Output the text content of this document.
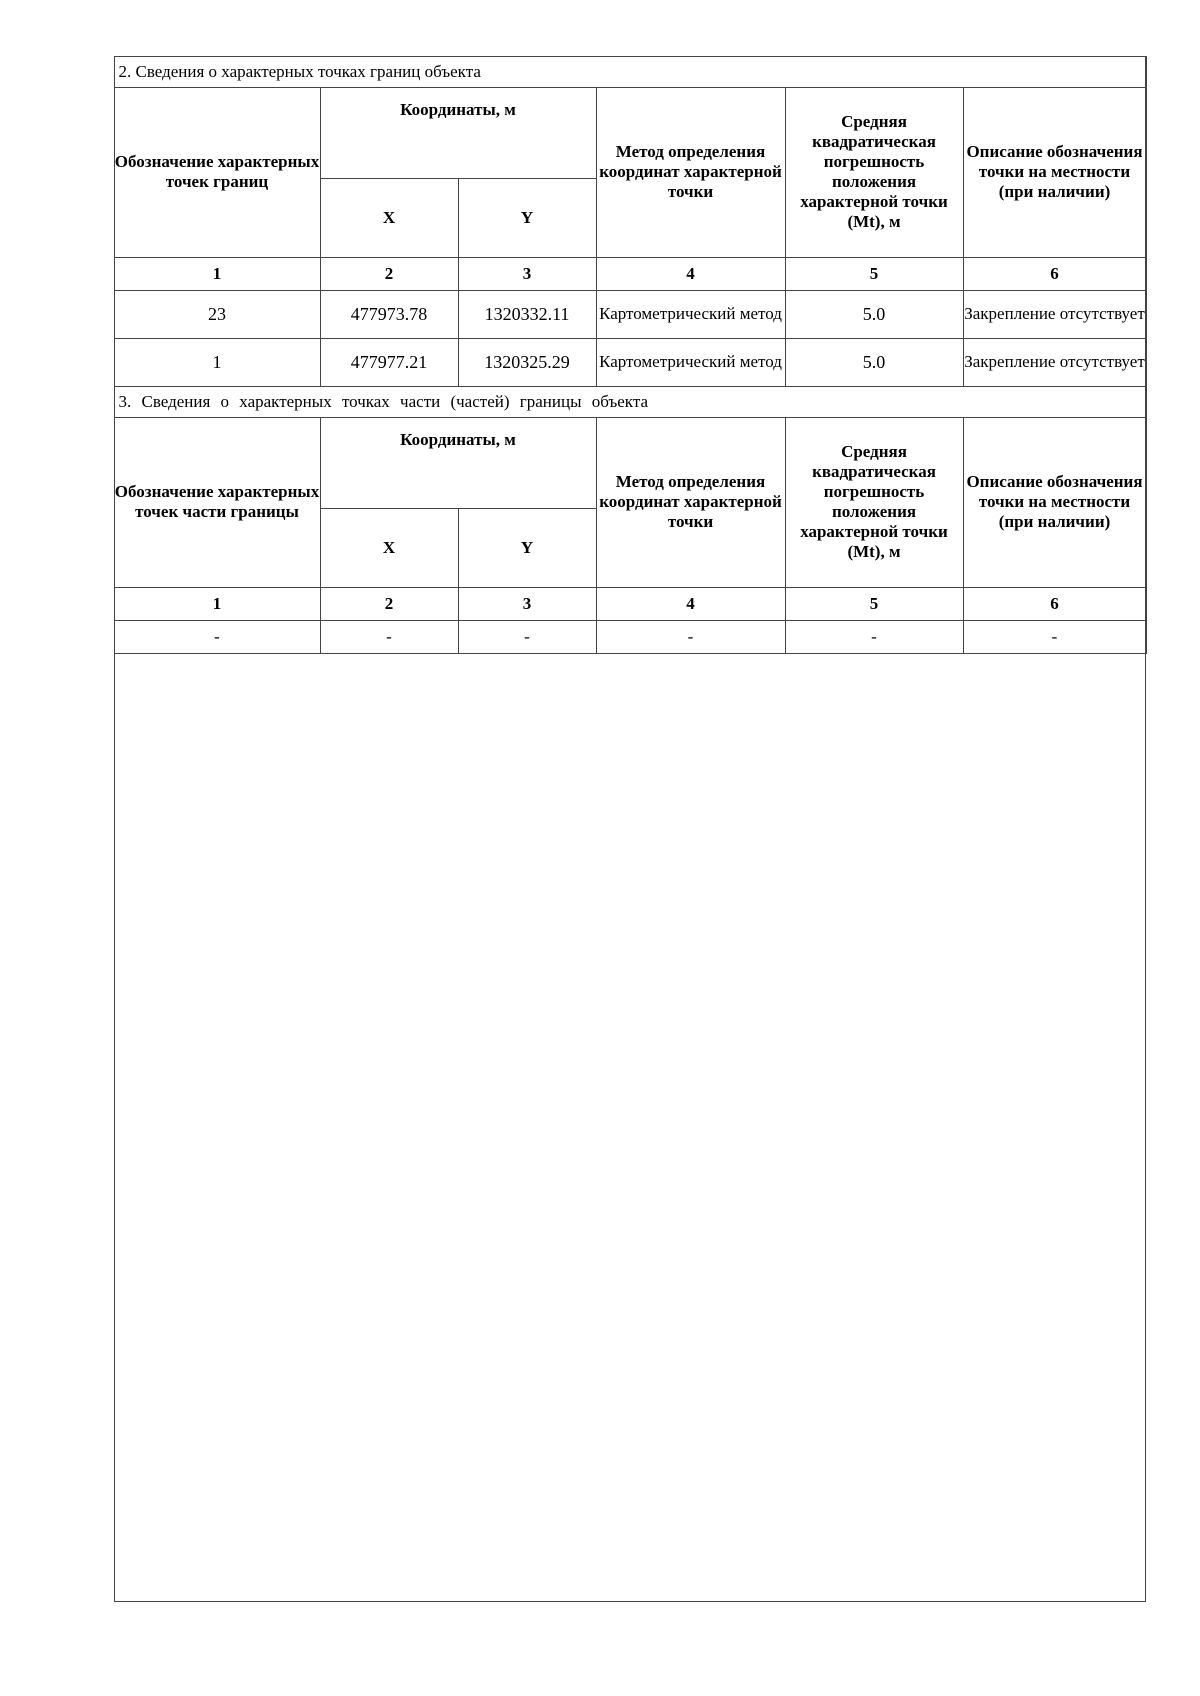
2. Сведения о характерных точках границ объекта					
Обозначение характерных точек границ	Координаты, м		Метод определения координат характерной точки	Средняя квадратическая погрешность положения характерной точки (Mt), м	Описание обозначения точки на местности (при наличии)
	X	Y			
1	2	3	4	5	6
23	477973.78	1320332.11	Картометрический метод	5.0	Закрепление отсутствует
1	477977.21	1320325.29	Картометрический метод	5.0	Закрепление отсутствует
3. Сведения о характерных точках части (частей) границы объекта					
Обозначение характерных точек части границы	Координаты, м		Метод определения координат характерной точки	Средняя квадратическая погрешность положения характерной точки (Mt), м	Описание обозначения точки на местности (при наличии)
	X	Y			
1	2	3	4	5	6
-	-	-	-	-	-
